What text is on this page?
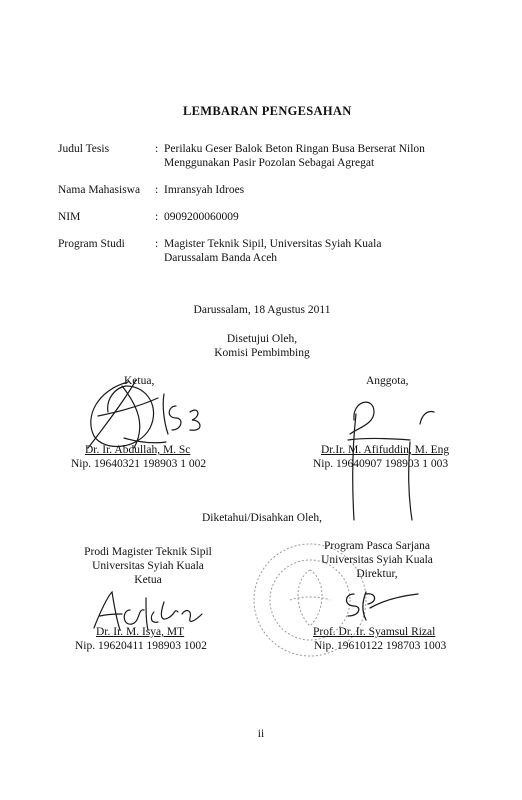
LEMBARAN PENGESAHAN
Judul Tesis	: Perilaku Geser Balok Beton Ringan Busa Berserat Nilon
Menggunakan Pasir Pozolan Sebagai Agregat
Nama Mahasiswa : Imransyah Idroes
NIM	: 0909200060009
Program Studi	: Magister Teknik Sipil, Universitas Syiah Kuala
Darussalam Banda Aceh
Darussalam, 18 Agustus 2011
Disetujui Oleh,
Komisi Pembimbing
Ketua,
Dr. Ir. Abdullah, M. Sc
Nip. 19640321 198903 1 002
Anggota,
Dr.Ir. M. Afifuddin, M. Eng
Nip. 19640907 198903 1 003
Diketahui/Disahkan Oleh,
Prodi Magister Teknik Sipil
Universitas Syiah Kuala
Ketua
Dr. Ir. M. Isya, MT
Nip. 19620411 198903 1002
Program Pasca Sarjana
Universitas Syiah Kuala
Direktur,
Prof. Dr. Ir. Syamsul Rizal
Nip. 19610122 198703 1003
ii
